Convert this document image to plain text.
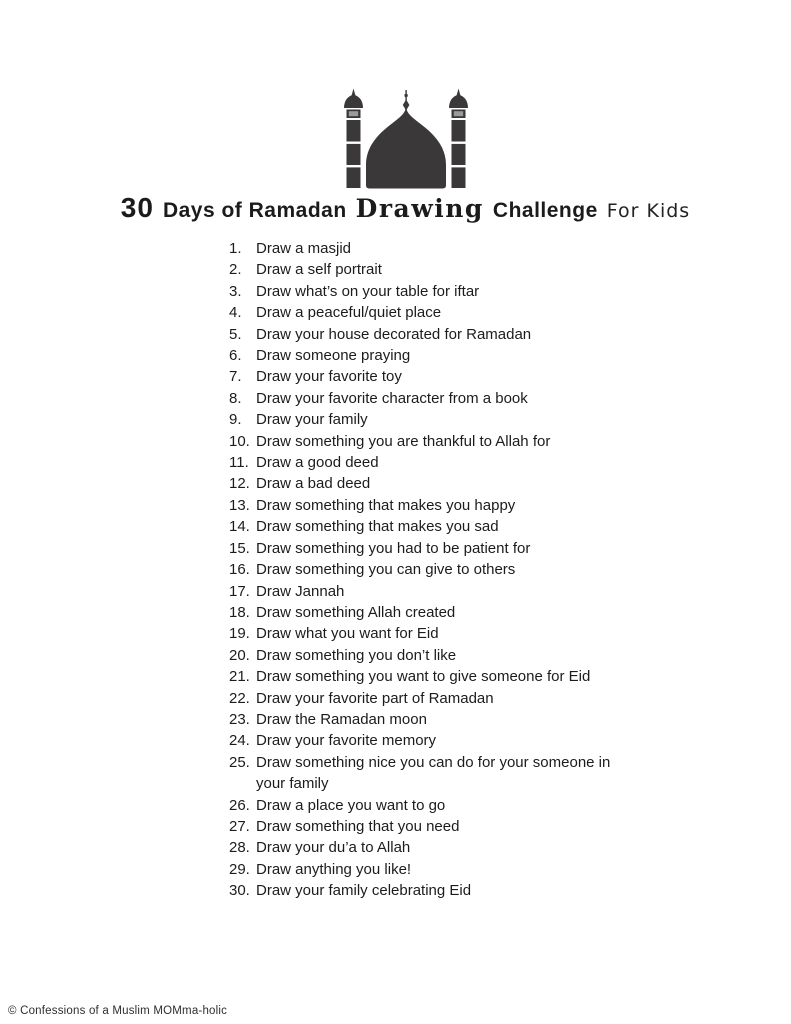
30 Days of Ramadan Drawing Challenge For Kids
1. Draw a masjid
2. Draw a self portrait
3. Draw what’s on your table for iftar
4. Draw a peaceful/quiet place
5. Draw your house decorated for Ramadan
6. Draw someone praying
7. Draw your favorite toy
8. Draw your favorite character from a book
9. Draw your family
10. Draw something you are thankful to Allah for
11. Draw a good deed
12. Draw a bad deed
13. Draw something that makes you happy
14. Draw something that makes you sad
15. Draw something you had to be patient for
16. Draw something you can give to others
17. Draw Jannah
18. Draw something Allah created
19. Draw what you want for Eid
20. Draw something you don’t like
21. Draw something you want to give someone for Eid
22. Draw your favorite part of Ramadan
23. Draw the Ramadan moon
24. Draw your favorite memory
25. Draw something nice you can do for your someone in your family
26. Draw a place you want to go
27. Draw something that you need
28. Draw your du’a to Allah
29. Draw anything you like!
30. Draw your family celebrating Eid
© Confessions of a Muslim MOMma-holic
